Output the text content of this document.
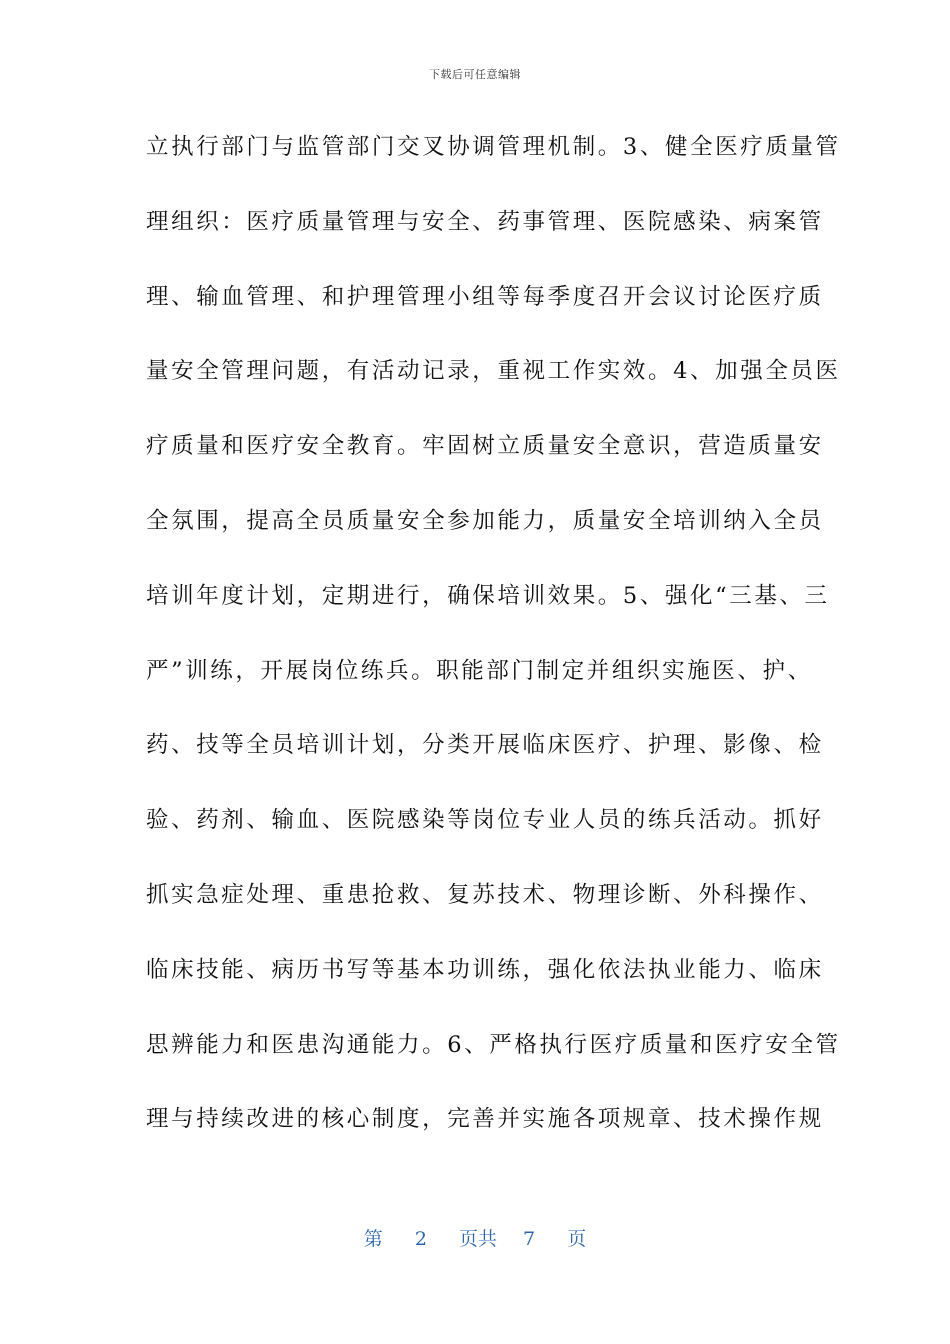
下载后可任意编辑
立执行部门与监管部门交叉协调管理机制。3、健全医疗质量管
理组织：医疗质量管理与安全、药事管理、医院感染、病案管
理、输血管理、和护理管理小组等每季度召开会议讨论医疗质
量安全管理问题，有活动记录，重视工作实效。4、加强全员医
疗质量和医疗安全教育。牢固树立质量安全意识，营造质量安
全氛围，提高全员质量安全参加能力，质量安全培训纳入全员
培训年度计划，定期进行，确保培训效果。5、强化“三基、三
严”训练，开展岗位练兵。职能部门制定并组织实施医、护、
药、技等全员培训计划，分类开展临床医疗、护理、影像、检
验、药剂、输血、医院感染等岗位专业人员的练兵活动。抓好
抓实急症处理、重患抢救、复苏技术、物理诊断、外科操作、
临床技能、病历书写等基本功训练，强化依法执业能力、临床
思辨能力和医患沟通能力。6、严格执行医疗质量和医疗安全管
理与持续改进的核心制度，完善并实施各项规章、技术操作规
第 2 页共 7 页
